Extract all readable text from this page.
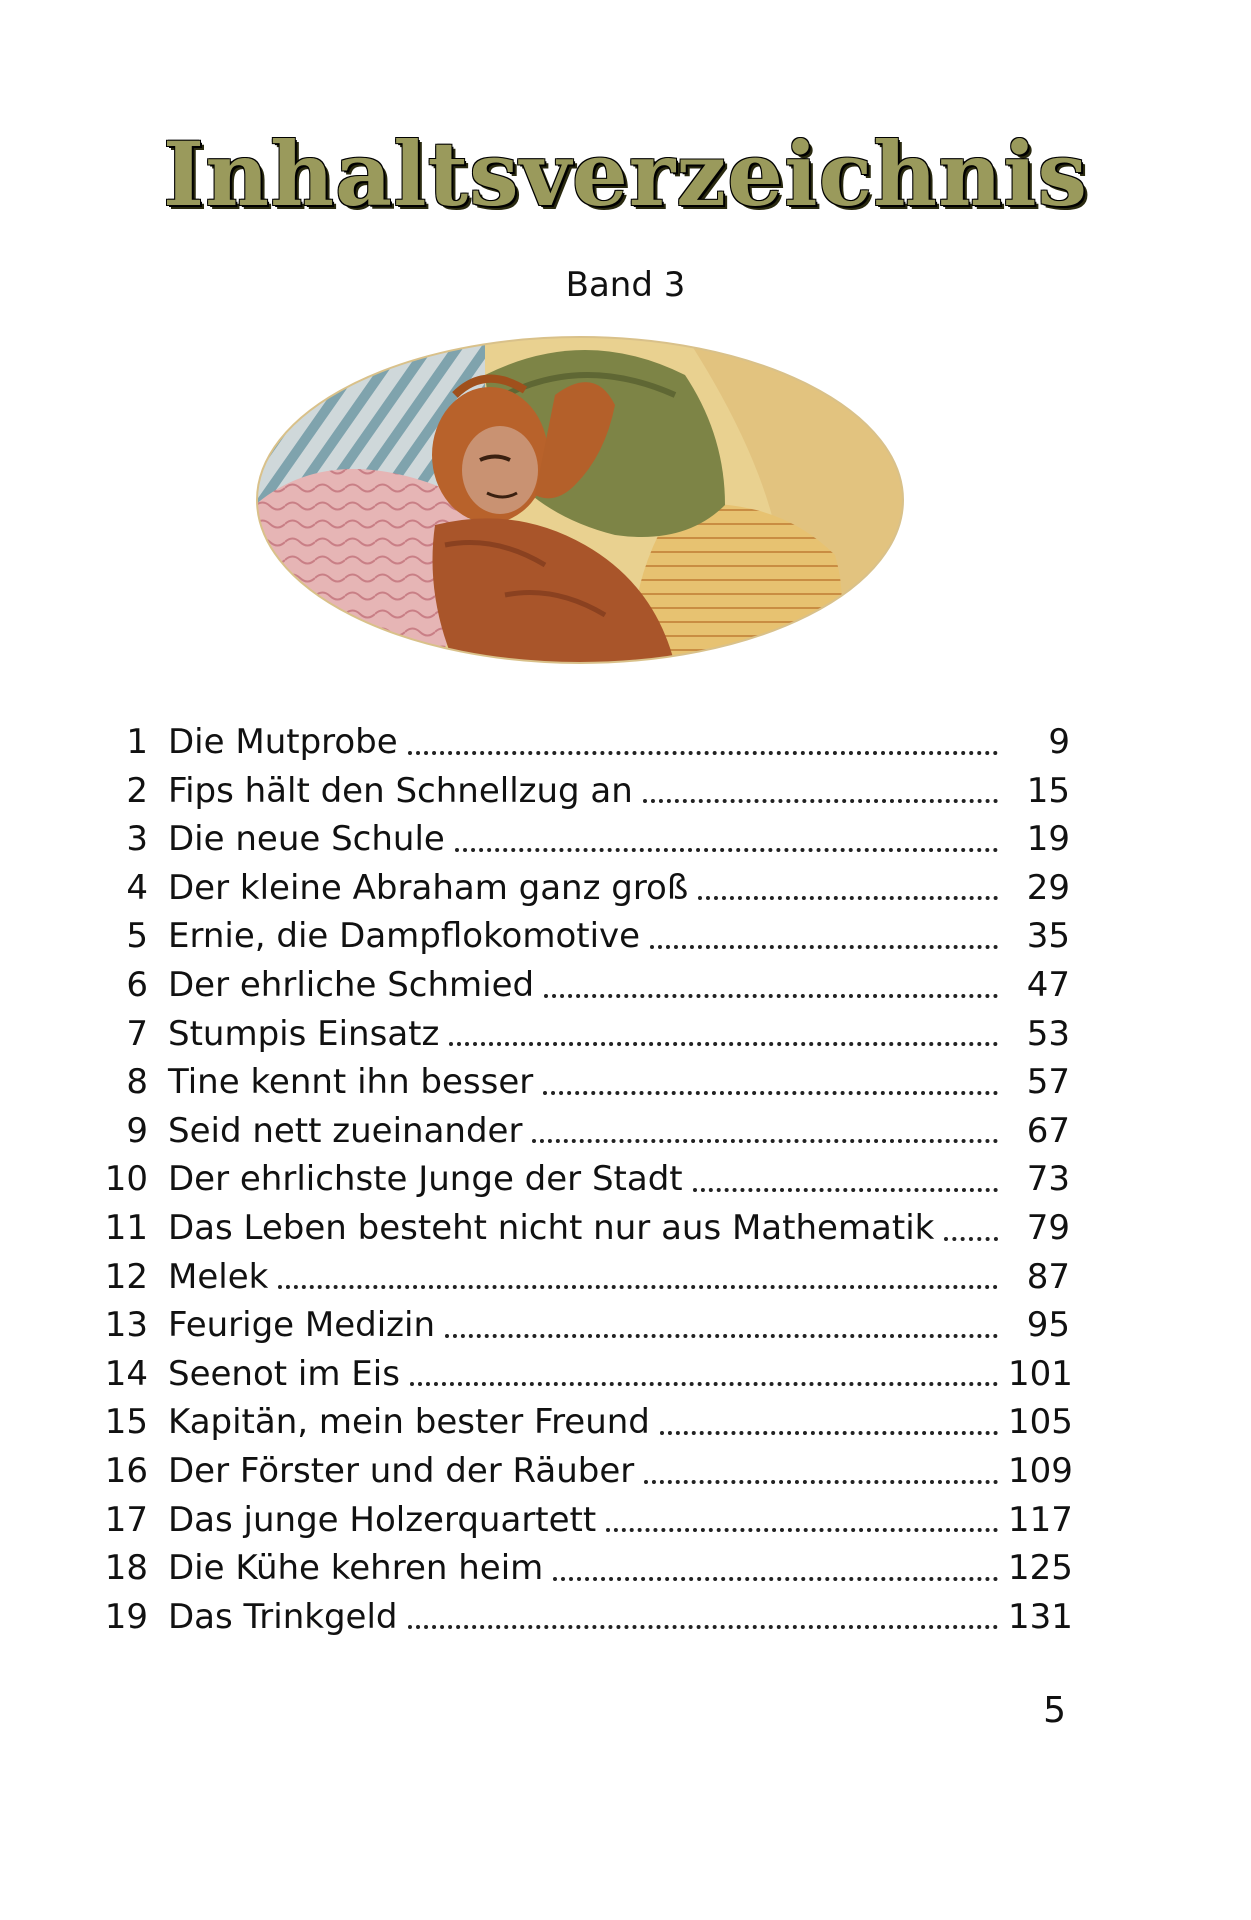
Inhaltsverzeichnis
Band 3
1 Die Mutprobe	9
2 Fips hält den Schnellzug an	15
3 Die neue Schule	19
4 Der kleine Abraham ganz groß	29
5 Ernie, die Dampflokomotive	35
6 Der ehrliche Schmied	47
7 Stumpis Einsatz	53
8 Tine kennt ihn besser	57
9 Seid nett zueinander	67
10 Der ehrlichste Junge der Stadt	73
11 Das Leben besteht nicht nur aus Mathematik	79
12 Melek	87
13 Feurige Medizin	95
14 Seenot im Eis	101
15 Kapitän, mein bester Freund	105
16 Der Förster und der Räuber	109
17 Das junge Holzerquartett	117
18 Die Kühe kehren heim	125
19 Das Trinkgeld	131
5
